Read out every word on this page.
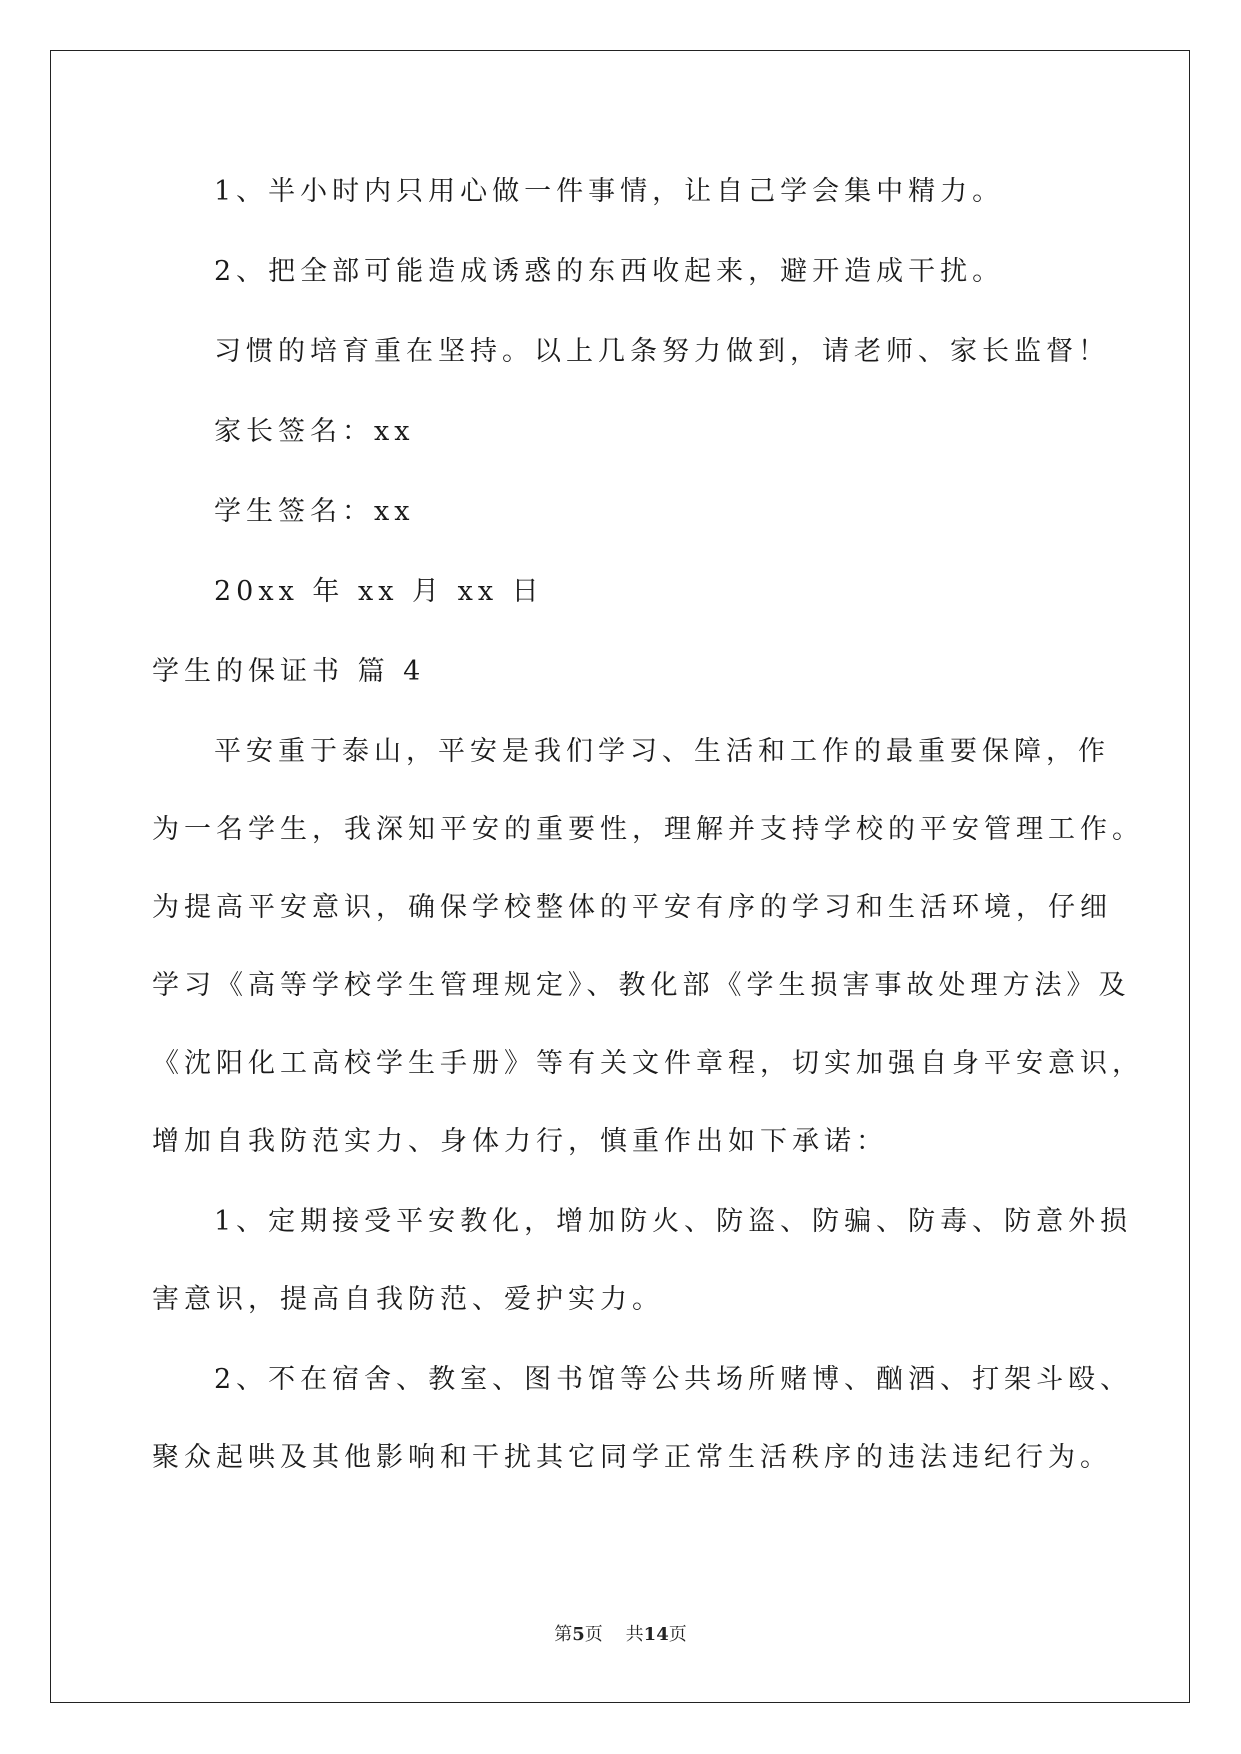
1、半小时内只用心做一件事情，让自己学会集中精力。
2、把全部可能造成诱惑的东西收起来，避开造成干扰。
习惯的培育重在坚持。以上几条努力做到，请老师、家长监督！
家长签名：xx
学生签名：xx
20xx 年 xx 月 xx 日
学生的保证书 篇 4
平安重于泰山，平安是我们学习、生活和工作的最重要保障，作
为一名学生，我深知平安的重要性，理解并支持学校的平安管理工作。
为提高平安意识，确保学校整体的平安有序的学习和生活环境，仔细
学习《高等学校学生管理规定》、教化部《学生损害事故处理方法》及
《沈阳化工高校学生手册》等有关文件章程，切实加强自身平安意识，
增加自我防范实力、身体力行，慎重作出如下承诺：
1、定期接受平安教化，增加防火、防盗、防骗、防毒、防意外损
害意识，提高自我防范、爱护实力。
2、不在宿舍、教室、图书馆等公共场所赌博、酗酒、打架斗殴、
聚众起哄及其他影响和干扰其它同学正常生活秩序的违法违纪行为。
第5页 共14页
